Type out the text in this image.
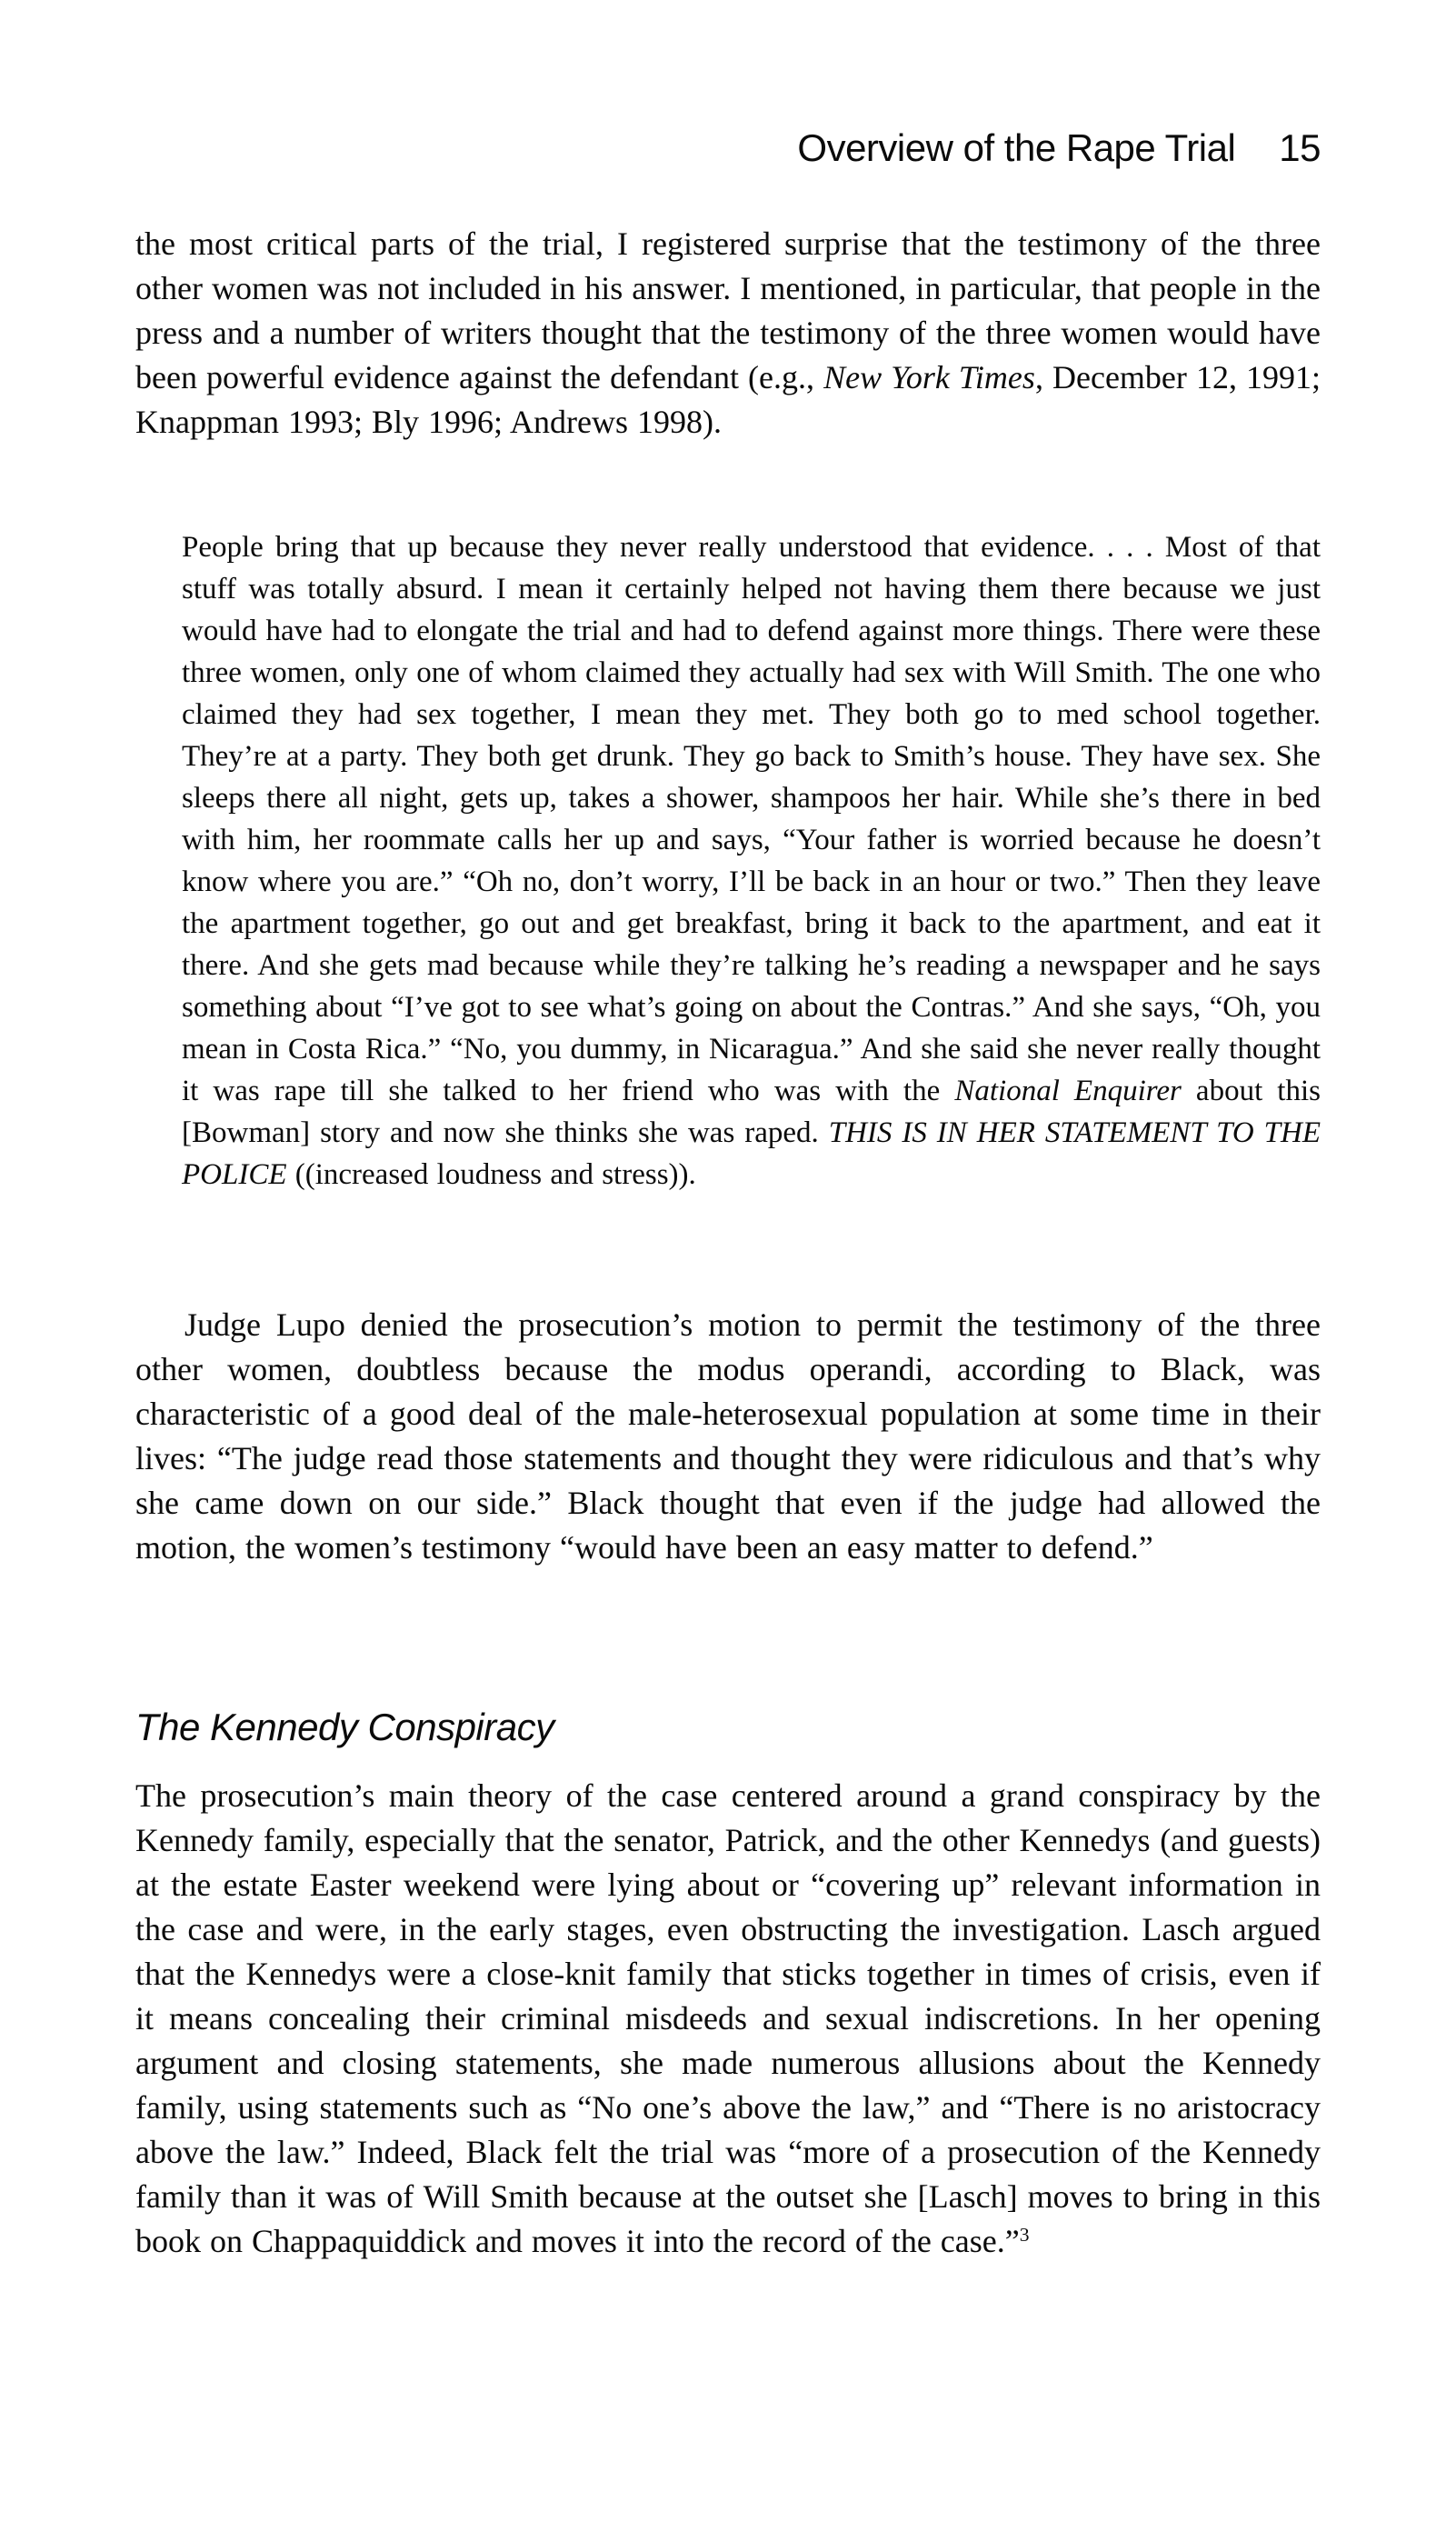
Overview of the Rape Trial 15

the most critical parts of the trial, I registered surprise that the testimony of the three other women was not included in his answer. I mentioned, in particular, that people in the press and a number of writers thought that the testimony of the three women would have been powerful evidence against the defendant (e.g., New York Times, December 12, 1991; Knappman 1993; Bly 1996; Andrews 1998).

People bring that up because they never really understood that evidence. . . . Most of that stuff was totally absurd. I mean it certainly helped not having them there because we just would have had to elongate the trial and had to defend against more things. There were these three women, only one of whom claimed they actually had sex with Will Smith. The one who claimed they had sex together, I mean they met. They both go to med school together. They’re at a party. They both get drunk. They go back to Smith’s house. They have sex. She sleeps there all night, gets up, takes a shower, shampoos her hair. While she’s there in bed with him, her roommate calls her up and says, “Your father is worried because he doesn’t know where you are.” “Oh no, don’t worry, I’ll be back in an hour or two.” Then they leave the apartment together, go out and get breakfast, bring it back to the apartment, and eat it there. And she gets mad because while they’re talking he’s reading a newspaper and he says something about “I’ve got to see what’s going on about the Contras.” And she says, “Oh, you mean in Costa Rica.” “No, you dummy, in Nicaragua.” And she said she never really thought it was rape till she talked to her friend who was with the National Enquirer about this [Bowman] story and now she thinks she was raped. THIS IS IN HER STATEMENT TO THE POLICE ((increased loudness and stress)).

Judge Lupo denied the prosecution’s motion to permit the testimony of the three other women, doubtless because the modus operandi, according to Black, was characteristic of a good deal of the male-heterosexual population at some time in their lives: “The judge read those statements and thought they were ridiculous and that’s why she came down on our side.” Black thought that even if the judge had allowed the motion, the women’s testimony “would have been an easy matter to defend.”

The Kennedy Conspiracy

The prosecution’s main theory of the case centered around a grand conspiracy by the Kennedy family, especially that the senator, Patrick, and the other Kennedys (and guests) at the estate Easter weekend were lying about or “covering up” relevant information in the case and were, in the early stages, even obstructing the investigation. Lasch argued that the Kennedys were a close-knit family that sticks together in times of crisis, even if it means concealing their criminal misdeeds and sexual indiscretions. In her opening argument and closing statements, she made numerous allusions about the Kennedy family, using statements such as “No one’s above the law,” and “There is no aristocracy above the law.” Indeed, Black felt the trial was “more of a prosecution of the Kennedy family than it was of Will Smith because at the outset she [Lasch] moves to bring in this book on Chappaquiddick and moves it into the record of the case.”$^3$
